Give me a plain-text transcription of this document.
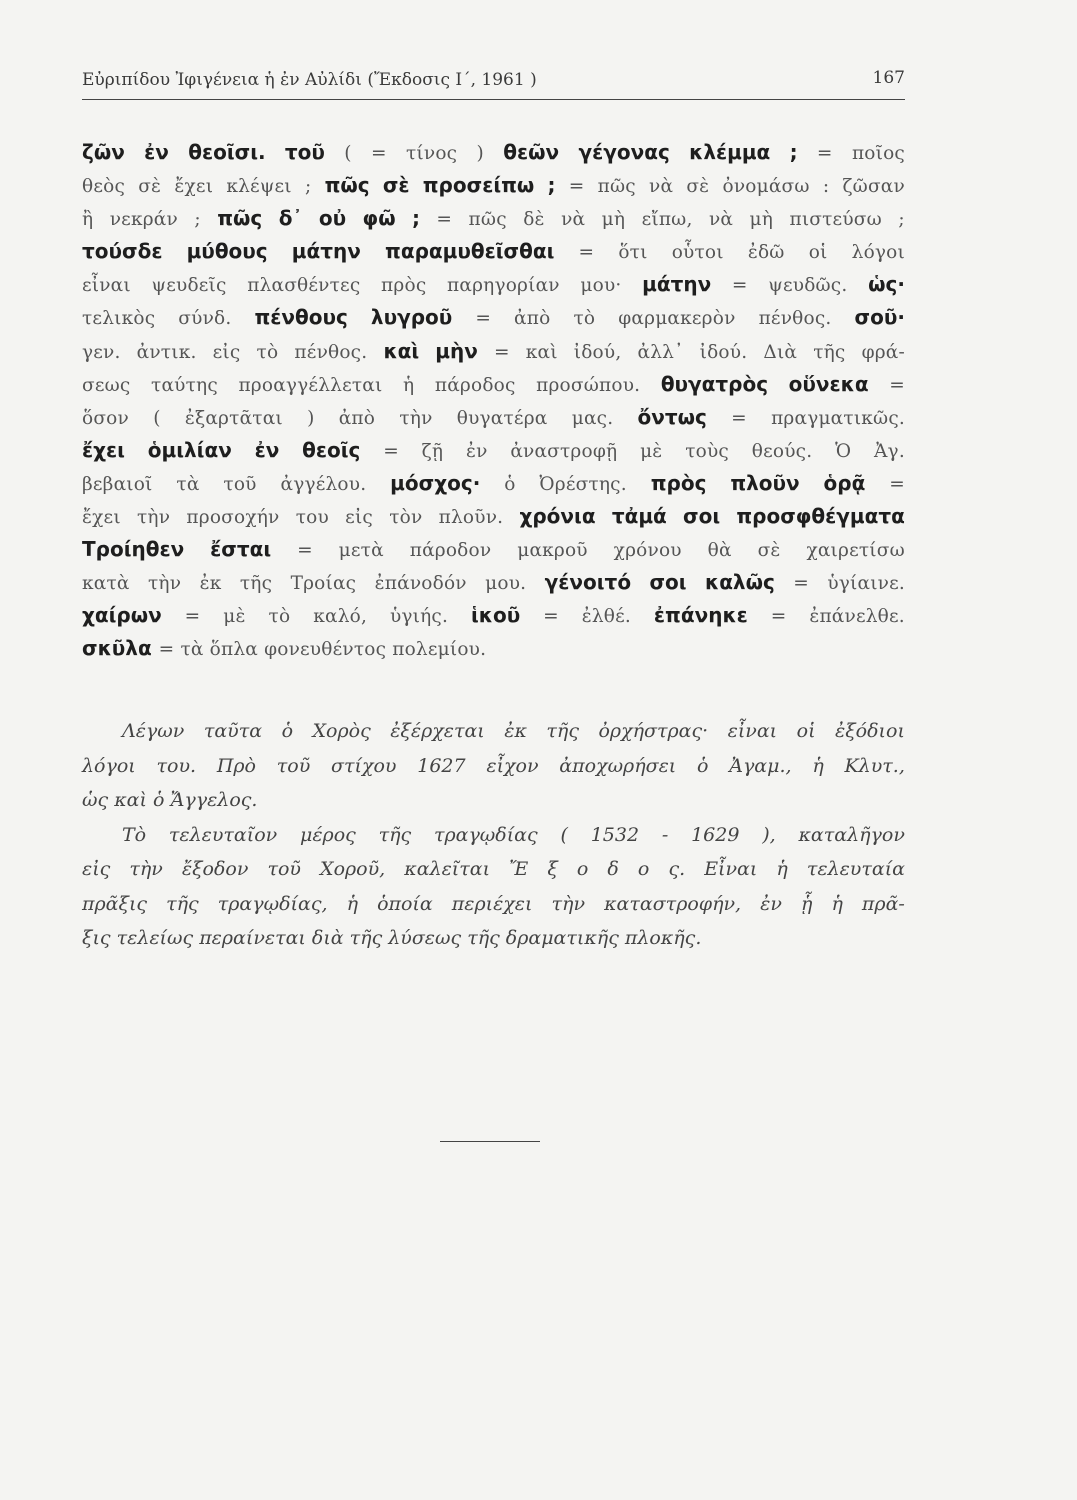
Εὐριπίδου Ἰφιγένεια ἡ ἐν Αὐλίδι (Ἔκδοσις Ι΄, 1961 )	167
ζῶν ἐν θεοῖσι. τοῦ ( = τίνος ) θεῶν γέγονας κλέμμα ; = ποῖος
θεὸς σὲ ἔχει κλέψει ; πῶς σὲ προσείπω ; = πῶς νὰ σὲ ὀνομάσω : ζῶσαν
ἢ νεκράν ; πῶς δ᾿ οὐ φῶ ; = πῶς δὲ νὰ μὴ εἴπω, νὰ μὴ πιστεύσω ;
τούσδε μύθους μάτην παραμυθεῖσθαι = ὅτι οὗτοι ἐδῶ οἱ λόγοι
εἶναι ψευδεῖς πλασθέντες πρὸς παρηγορίαν μου· μάτην = ψευδῶς. ὡς·
τελικὸς σύνδ. πένθους λυγροῦ = ἀπὸ τὸ φαρμακερὸν πένθος. σοῦ·
γεν. ἀντικ. εἰς τὸ πένθος. καὶ μὴν = καὶ ἰδού, ἀλλ᾿ ἰδού. Διὰ τῆς φρά-
σεως ταύτης προαγγέλλεται ἡ πάροδος προσώπου. θυγατρὸς οὕνεκα =
ὅσον ( ἐξαρτᾶται ) ἀπὸ τὴν θυγατέρα μας. ὄντως = πραγματικῶς.
ἔχει ὁμιλίαν ἐν θεοῖς = ζῇ ἐν ἀναστροφῇ μὲ τοὺς θεούς. Ὁ Ἀγ.
βεβαιοῖ τὰ τοῦ ἀγγέλου. μόσχος· ὁ Ὀρέστης. πρὸς πλοῦν ὁρᾷ =
ἔχει τὴν προσοχήν του εἰς τὸν πλοῦν. χρόνια τἀμά σοι προσφθέγματα
Τροίηθεν ἔσται = μετὰ πάροδον μακροῦ χρόνου θὰ σὲ χαιρετίσω
κατὰ τὴν ἐκ τῆς Τροίας ἐπάνοδόν μου. γένοιτό σοι καλῶς = ὑγίαινε.
χαίρων = μὲ τὸ καλό, ὑγιής. ἱκοῦ = ἐλθέ. ἐπάνηκε = ἐπάνελθε.
σκῦλα = τὰ ὅπλα φονευθέντος πολεμίου.
Λέγων ταῦτα ὁ Χορὸς ἐξέρχεται ἐκ τῆς ὀρχήστρας· εἶναι οἱ ἐξόδιοι
λόγοι του. Πρὸ τοῦ στίχου 1627 εἶχον ἀποχωρήσει ὁ Ἀγαμ., ἡ Κλυτ.,
ὡς καὶ ὁ Ἄγγελος.
Τὸ τελευταῖον μέρος τῆς τραγῳδίας ( 1532 - 1629 ), καταλῆγον
εἰς τὴν ἔξοδον τοῦ Χοροῦ, καλεῖται Ἔ ξ ο δ ο ς. Εἶναι ἡ τελευταία
πρᾶξις τῆς τραγῳδίας, ἡ ὁποία περιέχει τὴν καταστροφήν, ἐν ᾗ ἡ πρᾶ-
ξις τελείως περαίνεται διὰ τῆς λύσεως τῆς δραματικῆς πλοκῆς.
